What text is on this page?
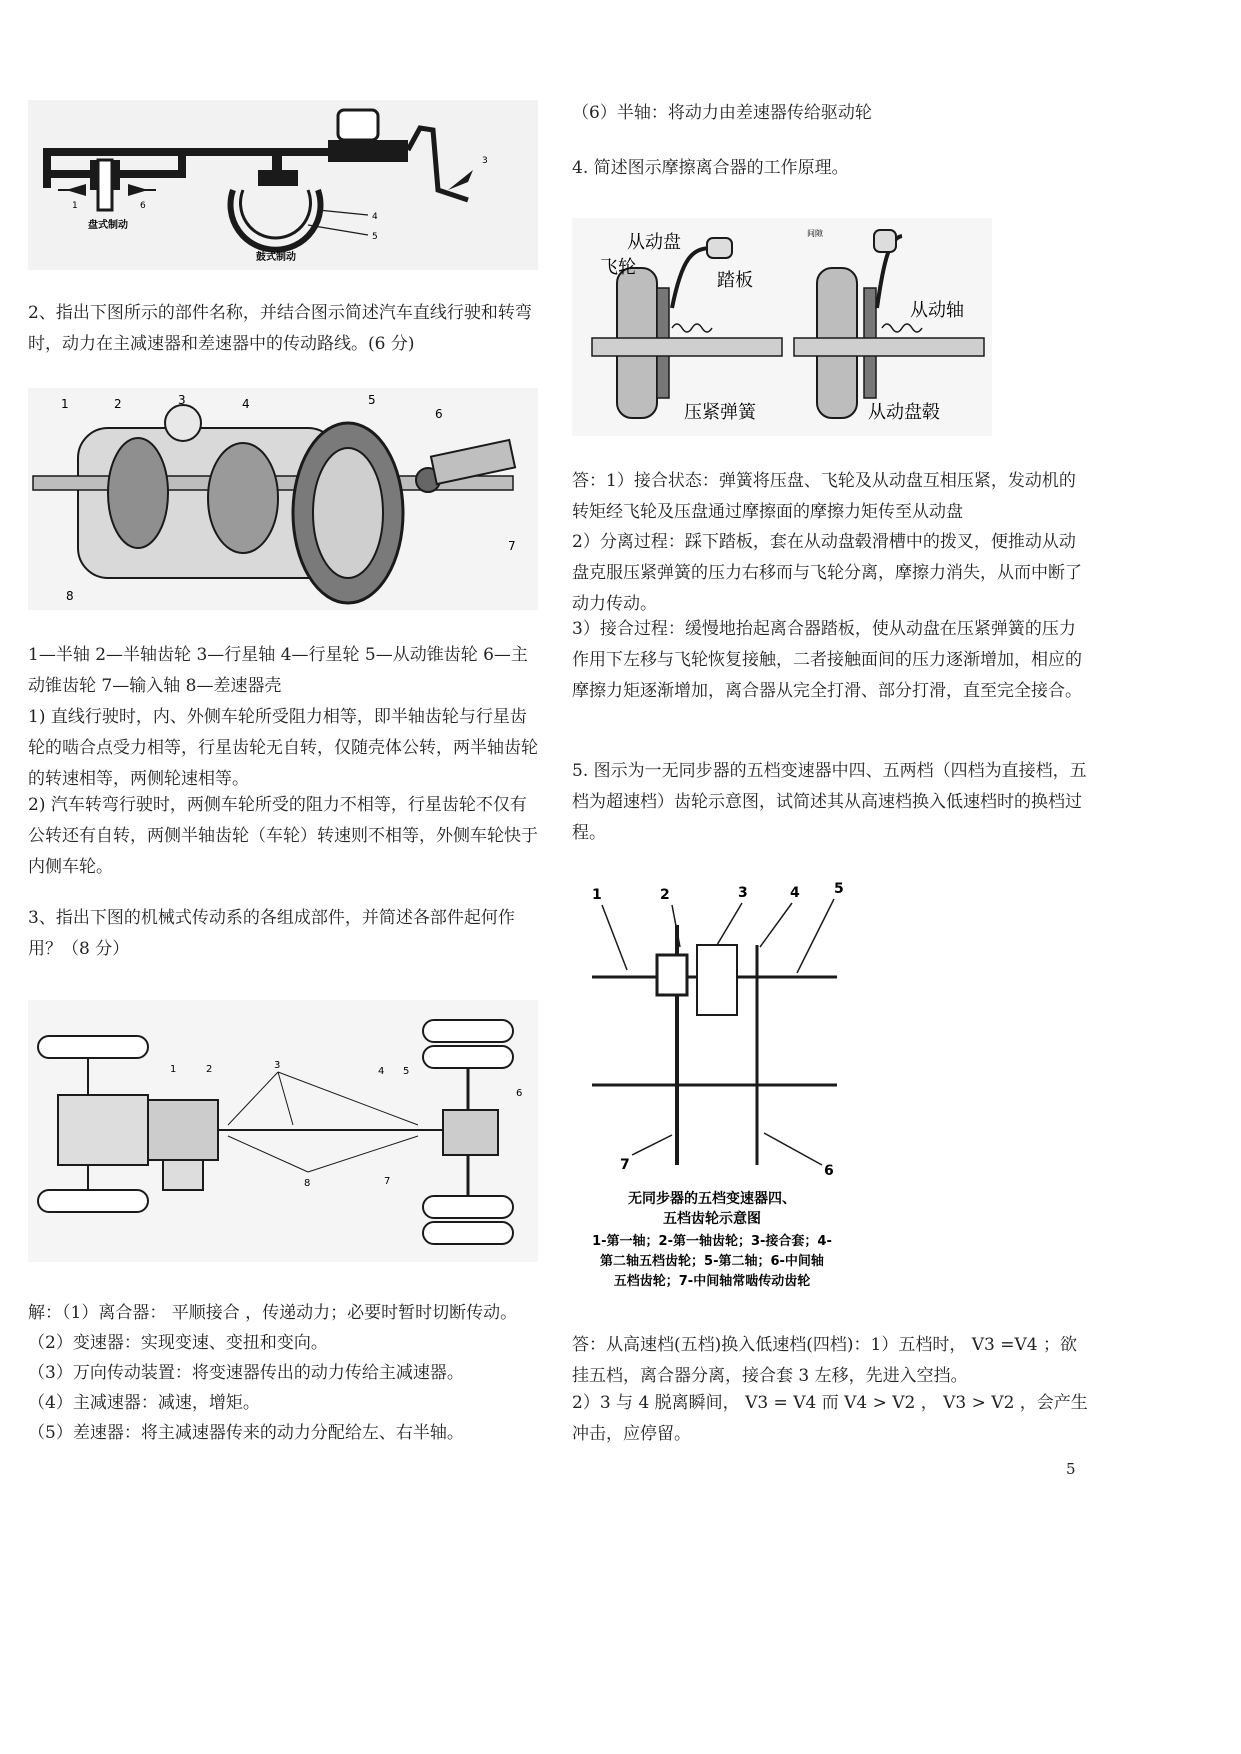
4
5
3
1	6
盘式制动
鼓式制动

2、指出下图所示的部件名称，并结合图示简述汽车直线行驶和转弯时，动力在主减速器和差速器中的传动路线。(6 分)

1	2	3	4	5
6
7
8

1—半轴 2—半轴齿轮 3—行星轴 4—行星轮 5—从动锥齿轮 6—主动锥齿轮 7—输入轴 8—差速器壳

1) 直线行驶时，内、外侧车轮所受阻力相等，即半轴齿轮与行星齿轮的啮合点受力相等，行星齿轮无自转，仅随壳体公转，两半轴齿轮的转速相等，两侧轮速相等。

2) 汽车转弯行驶时，两侧车轮所受的阻力不相等，行星齿轮不仅有公转还有自转，两侧半轴齿轮（车轮）转速则不相等，外侧车轮快于内侧车轮。

3、指出下图的机械式传动系的各组成部件，并简述各部件起何作用？（8 分）

1	2	3
4 5
6
7
8

解：（1）离合器： 平顺接合 ，传递动力；必要时暂时切断传动。

（2）变速器：实现变速、变扭和变向。

（3）万向传动装置：将变速器传出的动力传给主减速器。

（4）主减速器：减速，增矩。

（5）差速器：将主减速器传来的动力分配给左、右半轴。

（6）半轴：将动力由差速器传给驱动轮

4. 简述图示摩擦离合器的工作原理。

从动盘
飞轮
踏板
压紧弹簧
间隙
从动轴
从动盘毂

答：1）接合状态：弹簧将压盘、飞轮及从动盘互相压紧，发动机的转矩经飞轮及压盘通过摩擦面的摩擦力矩传至从动盘

2）分离过程：踩下踏板，套在从动盘毂滑槽中的拨叉，便推动从动盘克服压紧弹簧的压力右移而与飞轮分离，摩擦力消失，从而中断了动力传动。

3）接合过程：缓慢地抬起离合器踏板，使从动盘在压紧弹簧的压力作用下左移与飞轮恢复接触，二者接触面间的压力逐渐增加，相应的摩擦力矩逐渐增加，离合器从完全打滑、部分打滑，直至完全接合。

5. 图示为一无同步器的五档变速器中四、五两档（四档为直接档，五档为超速档）齿轮示意图，试简述其从高速档换入低速档时的换档过程。

1	2	3	4 5
6
7
无同步器的五档变速器四、
五档齿轮示意图
1-第一轴；2-第一轴齿轮；3-接合套；4-
第二轴五档齿轮；5-第二轴；6-中间轴
五档齿轮；7-中间轴常啮传动齿轮

答：从高速档(五档)换入低速档(四档)：1）五档时， V3 =V4 ；欲挂五档，离合器分离，接合套 3 左移，先进入空挡。

2）3 与 4 脱离瞬间， V3 = V4 而 V4 > V2 ， V3 > V2 ，会产生冲击，应停留。

5
